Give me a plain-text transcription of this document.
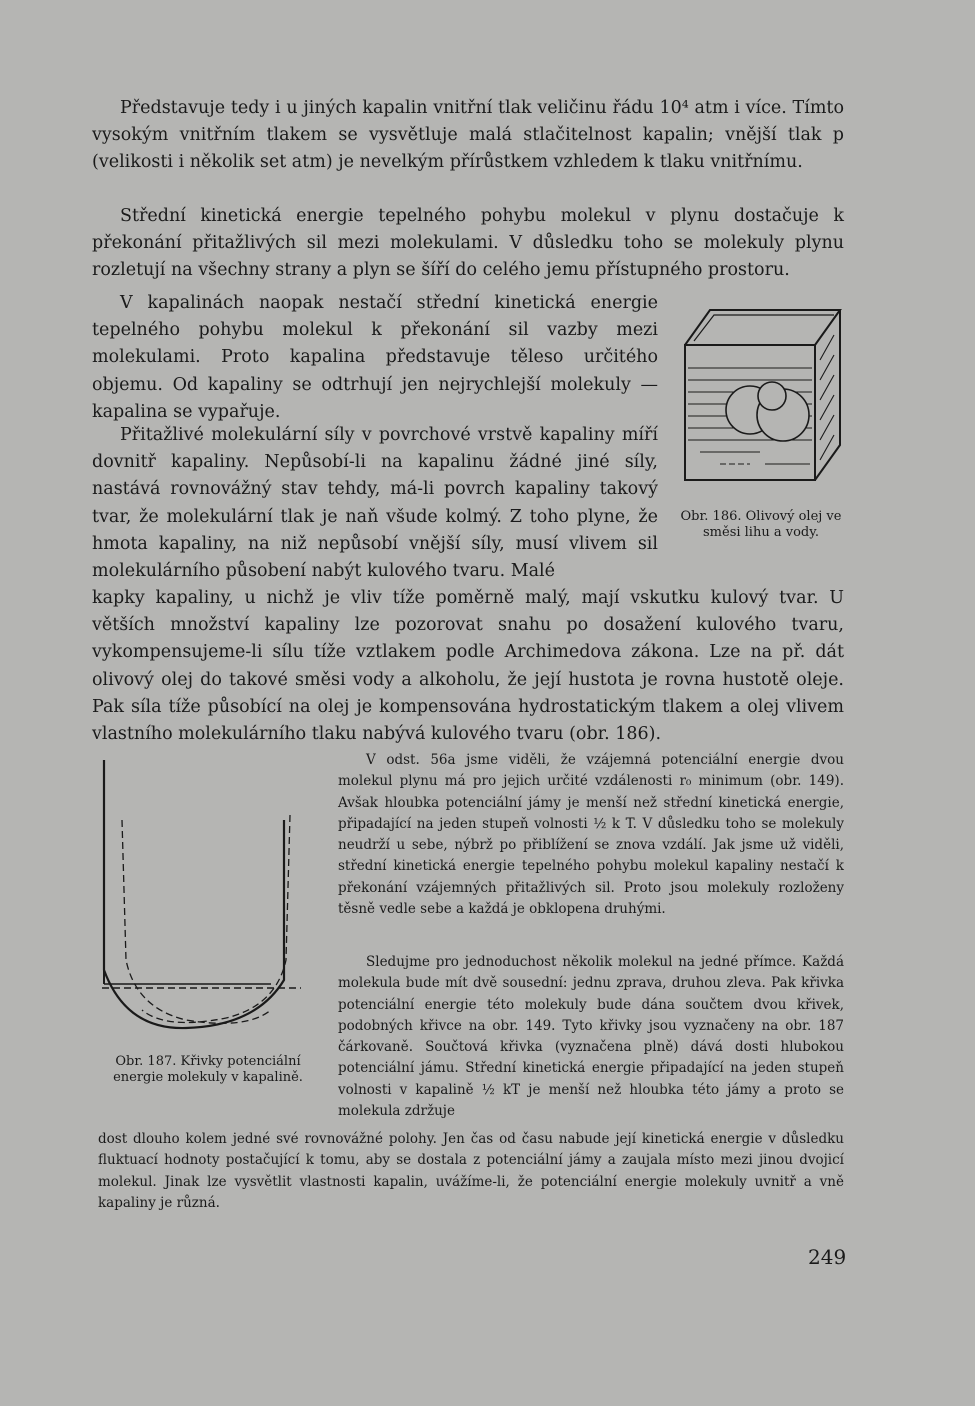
Představuje tedy i u jiných kapalin vnitřní tlak veličinu řádu 10⁴ atm i více. Tímto vysokým vnitřním tlakem se vysvětluje malá stlačitelnost kapalin; vnější tlak p (velikosti i několik set atm) je nevelkým přírůstkem vzhledem k tlaku vnitřnímu.

Střední kinetická energie tepelného pohybu molekul v plynu dostačuje k překonání přitažlivých sil mezi molekulami. V důsledku toho se molekuly plynu rozletují na všechny strany a plyn se šíří do celého jemu přístupného prostoru.

V kapalinách naopak nestačí střední kinetická energie tepelného pohybu molekul k překonání sil vazby mezi molekulami. Proto kapalina představuje těleso určitého objemu. Od kapaliny se odtrhují jen nejrychlejší molekuly — kapalina se vypařuje.

Přitažlivé molekulární síly v povrchové vrstvě kapaliny míří dovnitř kapaliny. Nepůsobí-li na kapalinu žádné jiné síly, nastává rovnovážný stav tehdy, má-li povrch kapaliny takový tvar, že molekulární tlak je naň všude kolmý. Z toho plyne, že hmota kapaliny, na niž nepůsobí vnější síly, musí vlivem sil molekulárního působení nabýt kulového tvaru. Malé

kapky kapaliny, u nichž je vliv tíže poměrně malý, mají vskutku kulový tvar. U větších množství kapaliny lze pozorovat snahu po dosažení kulového tvaru, vykompensujeme-li sílu tíže vztlakem podle Archimedova zákona. Lze na př. dát olivový olej do takové směsi vody a alkoholu, že její hustota je rovna hustotě oleje. Pak síla tíže působící na olej je kompensována hydrostatickým tlakem a olej vlivem vlastního molekulárního tlaku nabývá kulového tvaru (obr. 186).

Obr. 186. Olivový olej ve směsi lihu a vody.
Obr. 187. Křivky potenciální energie molekuly v kapalině.

V odst. 56a jsme viděli, že vzájemná potenciální energie dvou molekul plynu má pro jejich určité vzdálenosti r₀ minimum (obr. 149). Avšak hloubka potenciální jámy je menší než střední kinetická energie, připadající na jeden stupeň volnosti ½ k T. V důsledku toho se molekuly neudrží u sebe, nýbrž po přiblížení se znova vzdálí. Jak jsme už viděli, střední kinetická energie tepelného pohybu molekul kapaliny nestačí k překonání vzájemných přitažlivých sil. Proto jsou molekuly rozloženy těsně vedle sebe a každá je obklopena druhými.

Sledujme pro jednoduchost několik molekul na jedné přímce. Každá molekula bude mít dvě sousední: jednu zprava, druhou zleva. Pak křivka potenciální energie této molekuly bude dána součtem dvou křivek, podobných křivce na obr. 149. Tyto křivky jsou vyznačeny na obr. 187 čárkovaně. Součtová křivka (vyznačena plně) dává dosti hlubokou potenciální jámu. Střední kinetická energie připadající na jeden stupeň volnosti v kapalině ½ kT je menší než hloubka této jámy a proto se molekula zdržuje

dost dlouho kolem jedné své rovnovážné polohy. Jen čas od času nabude její kinetická energie v důsledku fluktuací hodnoty postačující k tomu, aby se dostala z potenciální jámy a zaujala místo mezi jinou dvojicí molekul. Jinak lze vysvětlit vlastnosti kapalin, uvážíme-li, že potenciální energie molekuly uvnitř a vně kapaliny je různá.

249
